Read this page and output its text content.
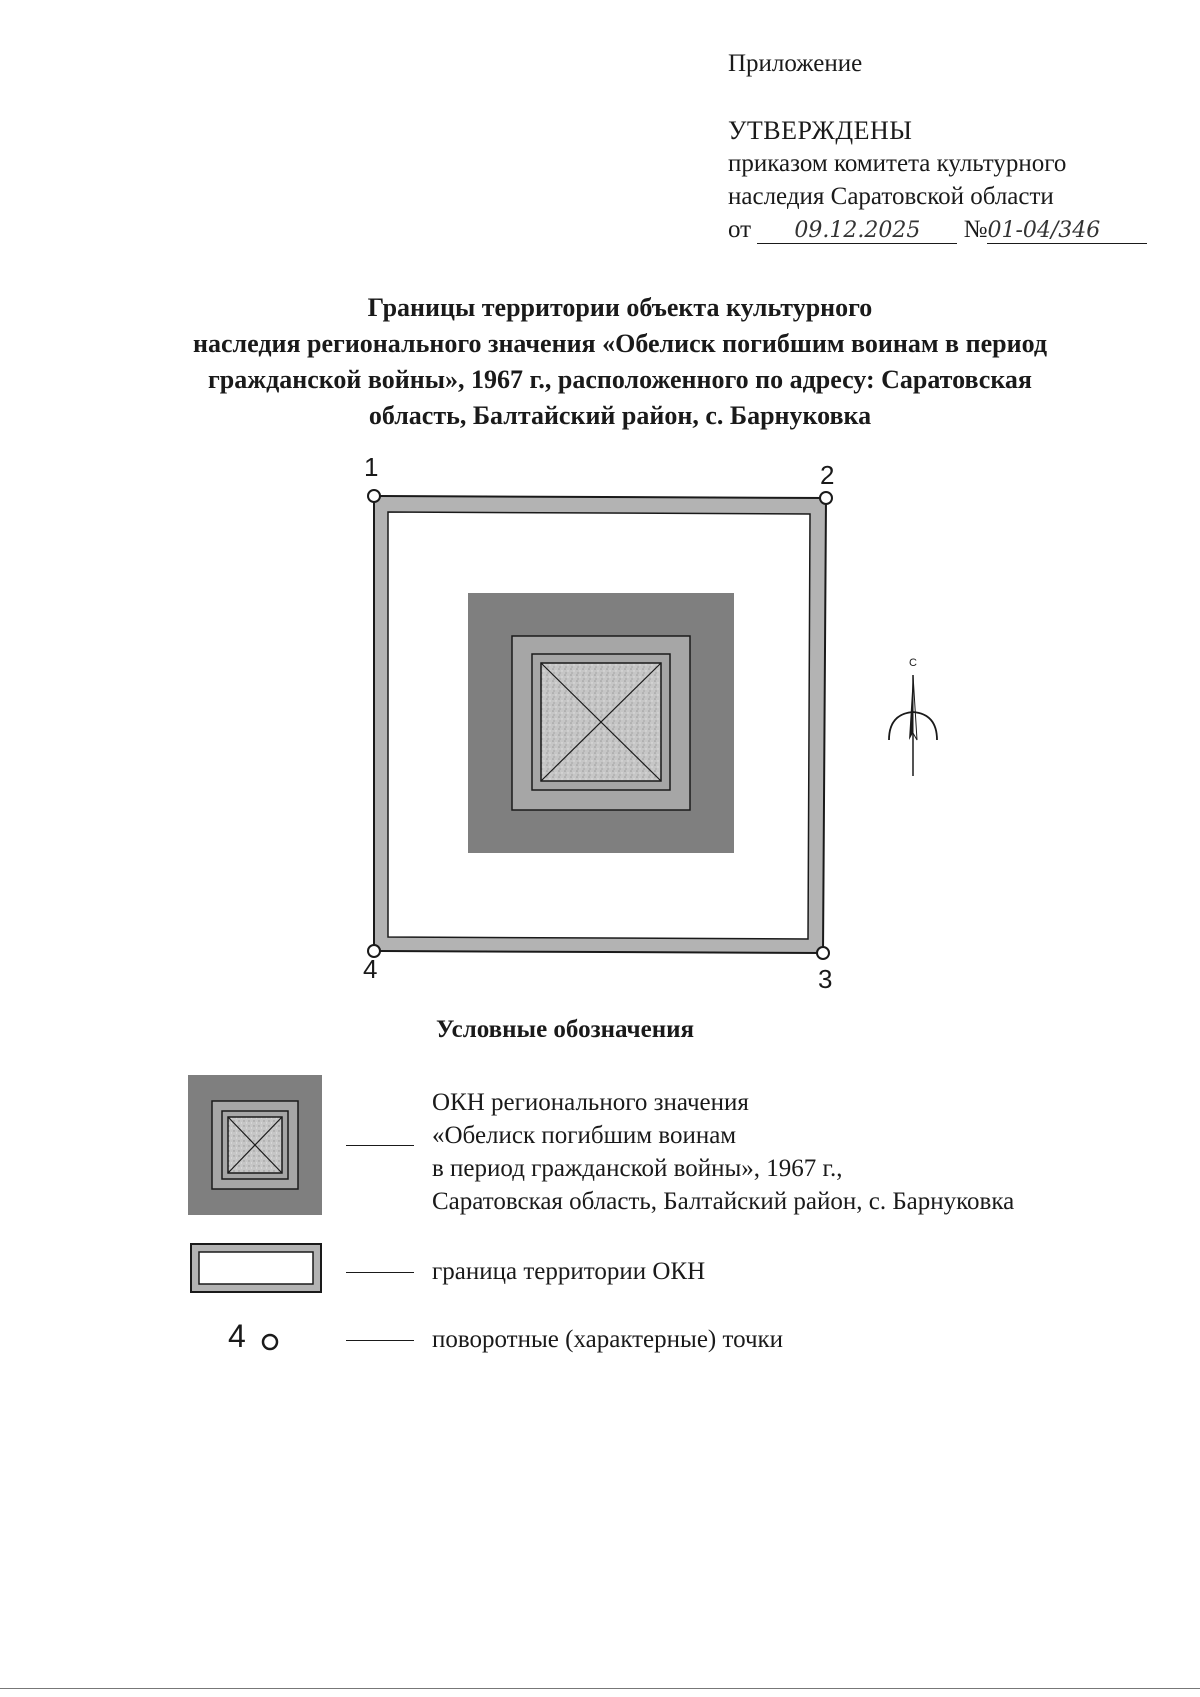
Приложение
УТВЕРЖДЕНЫ
приказом комитета культурного
наследия Саратовской области
от 09.12.2025 №01-04/346
Границы территории объекта культурного
наследия регионального значения «Обелиск погибшим воинам в период
гражданской войны», 1967 г., расположенного по адресу: Саратовская
область, Балтайский район, с. Барнуковка
1	2
3
4
С
Условные обозначения
ОКН регионального значения
«Обелиск погибшим воинам
в период гражданской войны», 1967 г.,
Саратовская область, Балтайский район, с. Барнуковка
граница территории ОКН
4	поворотные (характерные) точки
